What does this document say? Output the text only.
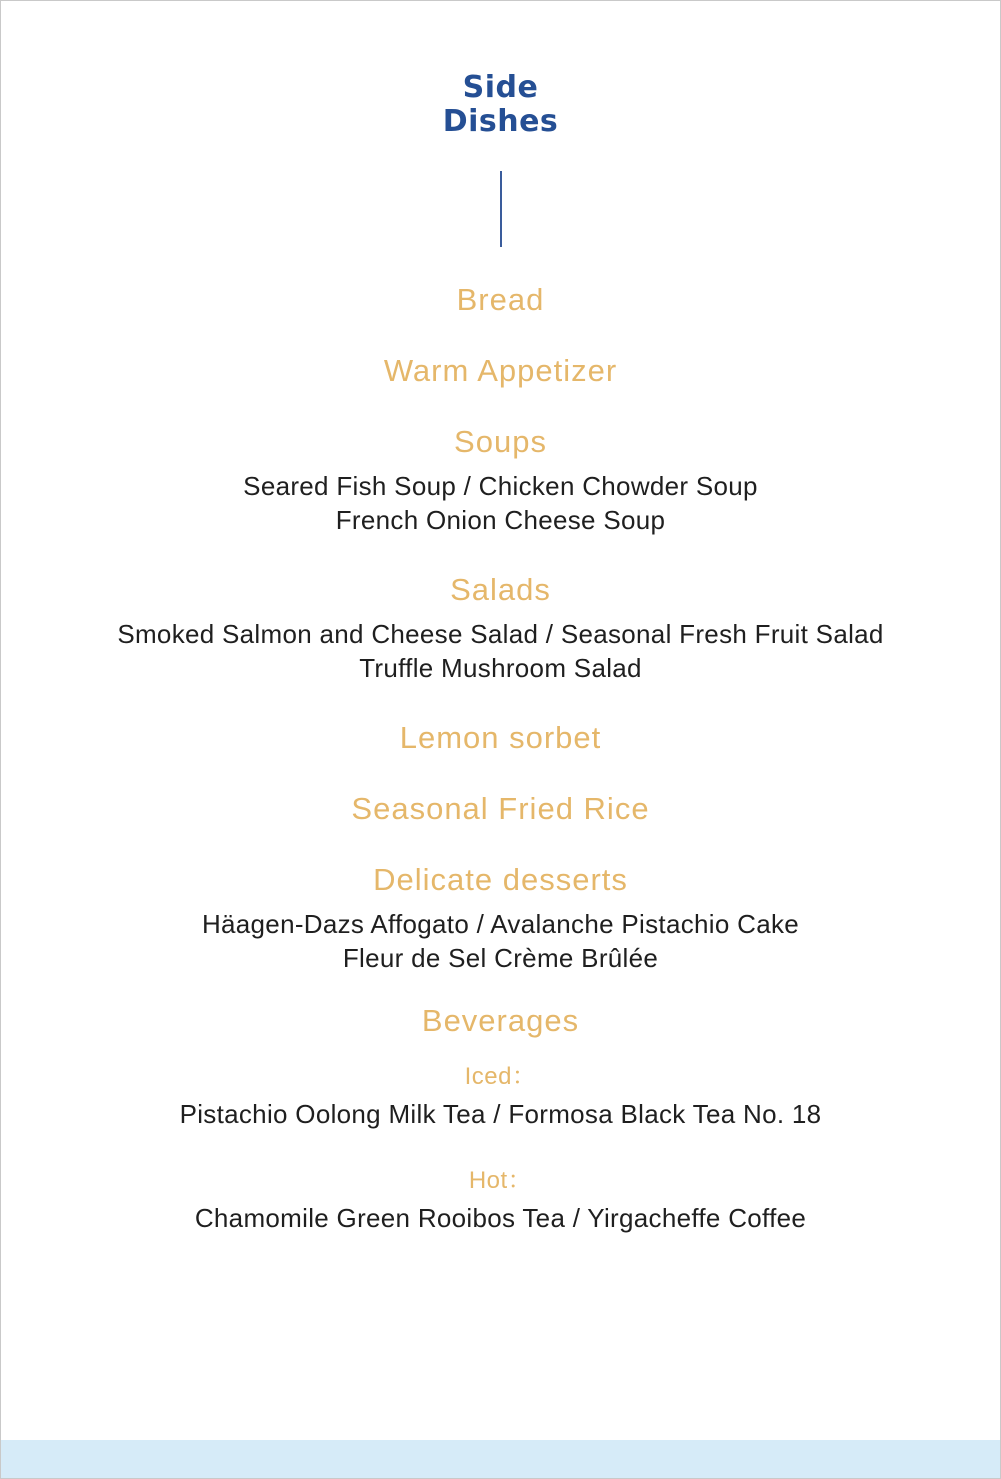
Side
Dishes
Bread
Warm Appetizer
Soups
Seared Fish Soup / Chicken Chowder Soup
French Onion Cheese Soup
Salads
Smoked Salmon and Cheese Salad / Seasonal Fresh Fruit Salad
Truffle Mushroom Salad
Lemon sorbet
Seasonal Fried Rice
Delicate desserts
Häagen-Dazs Affogato / Avalanche Pistachio Cake
Fleur de Sel Crème Brûlée
Beverages
Iced：
Pistachio Oolong Milk Tea / Formosa Black Tea No. 18
Hot：
Chamomile Green Rooibos Tea / Yirgacheffe Coffee
